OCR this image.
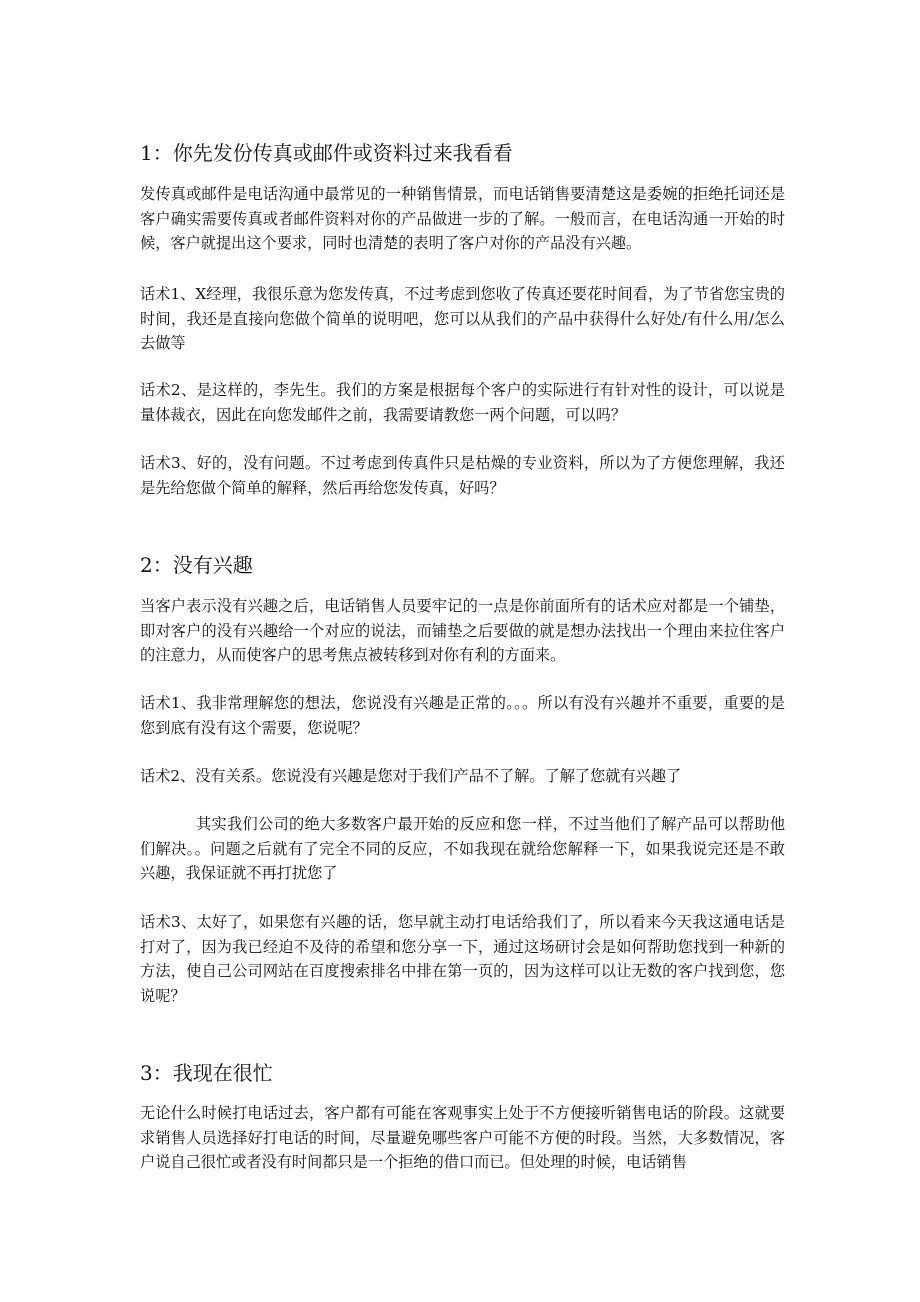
1：你先发份传真或邮件或资料过来我看看

发传真或邮件是电话沟通中最常见的一种销售情景，而电话销售要清楚这是委婉的拒绝托词还是客户确实需要传真或者邮件资料对你的产品做进一步的了解。一般而言，在电话沟通一开始的时候，客户就提出这个要求，同时也清楚的表明了客户对你的产品没有兴趣。

话术1、X经理，我很乐意为您发传真，不过考虑到您收了传真还要花时间看，为了节省您宝贵的时间，我还是直接向您做个简单的说明吧，您可以从我们的产品中获得什么好处/有什么用/怎么去做等

话术2、是这样的，李先生。我们的方案是根据每个客户的实际进行有针对性的设计，可以说是量体裁衣，因此在向您发邮件之前，我需要请教您一两个问题，可以吗？

话术3、好的，没有问题。不过考虑到传真件只是枯燥的专业资料，所以为了方便您理解，我还是先给您做个简单的解释，然后再给您发传真，好吗？

2：没有兴趣

当客户表示没有兴趣之后，电话销售人员要牢记的一点是你前面所有的话术应对都是一个铺垫，即对客户的没有兴趣给一个对应的说法，而铺垫之后要做的就是想办法找出一个理由来拉住客户的注意力，从而使客户的思考焦点被转移到对你有利的方面来。

话术1、我非常理解您的想法，您说没有兴趣是正常的。。。所以有没有兴趣并不重要，重要的是您到底有没有这个需要，您说呢？

话术2、没有关系。您说没有兴趣是您对于我们产品不了解。了解了您就有兴趣了

其实我们公司的绝大多数客户最开始的反应和您一样，不过当他们了解产品可以帮助他们解决。。问题之后就有了完全不同的反应，不如我现在就给您解释一下，如果我说完还是不敢兴趣，我保证就不再打扰您了

话术3、太好了，如果您有兴趣的话，您早就主动打电话给我们了，所以看来今天我这通电话是打对了，因为我已经迫不及待的希望和您分享一下，通过这场研讨会是如何帮助您找到一种新的方法，使自己公司网站在百度搜索排名中排在第一页的，因为这样可以让无数的客户找到您，您说呢？

3：我现在很忙

无论什么时候打电话过去，客户都有可能在客观事实上处于不方便接听销售电话的阶段。这就要求销售人员选择好打电话的时间，尽量避免哪些客户可能不方便的时段。当然，大多数情况，客户说自己很忙或者没有时间都只是一个拒绝的借口而已。但处理的时候，电话销售
